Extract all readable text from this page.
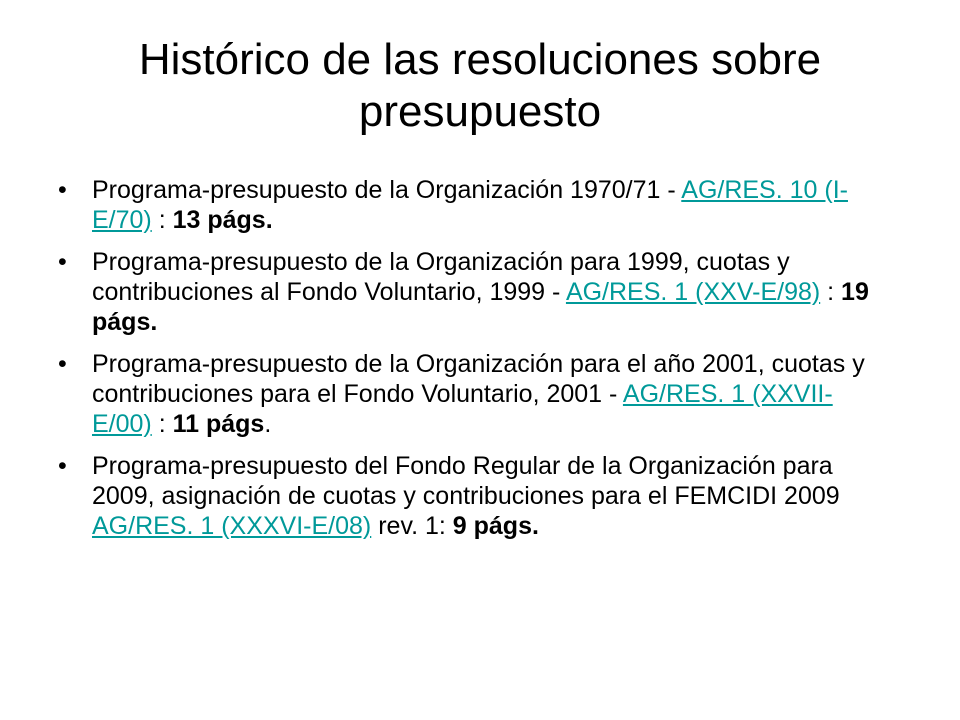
Histórico de las resoluciones sobre presupuesto
• Programa-presupuesto de la Organización 1970/71 - AG/RES. 10 (I-E/70) : 13 págs.
• Programa-presupuesto de la Organización para 1999, cuotas y contribuciones al Fondo Voluntario, 1999 - AG/RES. 1 (XXV-E/98) : 19 págs.
• Programa-presupuesto de la Organización para el año 2001, cuotas y contribuciones para el Fondo Voluntario, 2001 - AG/RES. 1 (XXVII-E/00) : 11 págs.
• Programa-presupuesto del Fondo Regular de la Organización para 2009, asignación de cuotas y contribuciones para el FEMCIDI 2009 AG/RES. 1 (XXXVI-E/08) rev. 1: 9 págs.
